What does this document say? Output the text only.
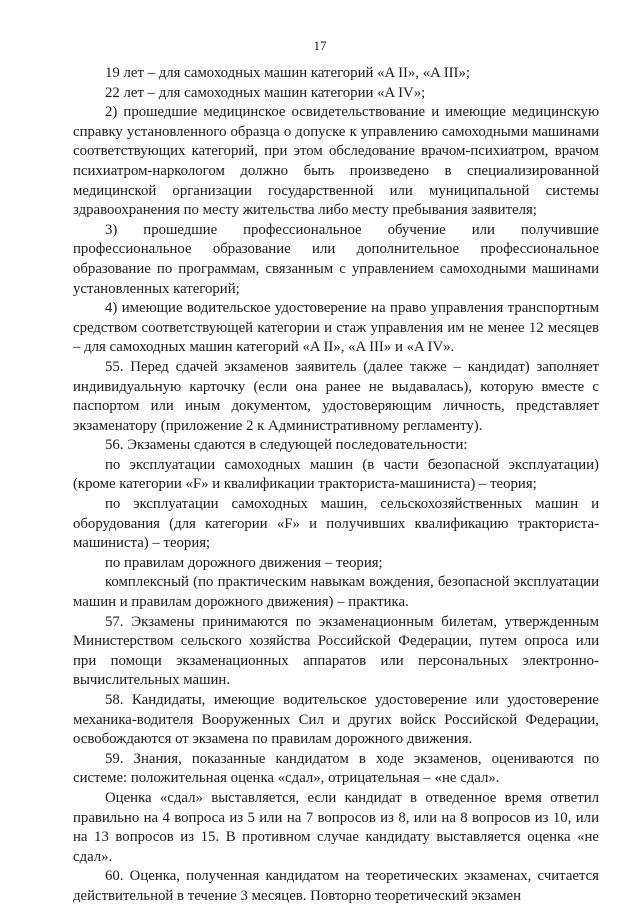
17

19 лет – для самоходных машин категорий «A II», «A III»;

22 лет – для самоходных машин категории «A IV»;

2) прошедшие медицинское освидетельствование и имеющие медицинскую справку установленного образца о допуске к управлению самоходными машинами соответствующих категорий, при этом обследование врачом-психиатром, врачом психиатром-наркологом должно быть произведено в специализированной медицинской организации государственной или муниципальной системы здравоохранения по месту жительства либо месту пребывания заявителя;

3) прошедшие профессиональное обучение или получившие профессиональное образование или дополнительное профессиональное образование по программам, связанным с управлением самоходными машинами установленных категорий;

4) имеющие водительское удостоверение на право управления транспортным средством соответствующей категории и стаж управления им не менее 12 месяцев – для самоходных машин категорий «A II», «A III» и «A IV».

55. Перед сдачей экзаменов заявитель (далее также – кандидат) заполняет индивидуальную карточку (если она ранее не выдавалась), которую вместе с паспортом или иным документом, удостоверяющим личность, представляет экзаменатору (приложение 2 к Административному регламенту).

56. Экзамены сдаются в следующей последовательности:

по эксплуатации самоходных машин (в части безопасной эксплуатации) (кроме категории «F» и квалификации тракториста-машиниста) – теория;

по эксплуатации самоходных машин, сельскохозяйственных машин и оборудования (для категории «F» и получивших квалификацию тракториста-машиниста) – теория;

по правилам дорожного движения – теория;

комплексный (по практическим навыкам вождения, безопасной эксплуатации машин и правилам дорожного движения) – практика.

57. Экзамены принимаются по экзаменационным билетам, утвержденным Министерством сельского хозяйства Российской Федерации, путем опроса или при помощи экзаменационных аппаратов или персональных электронно-вычислительных машин.

58. Кандидаты, имеющие водительское удостоверение или удостоверение механика-водителя Вооруженных Сил и других войск Российской Федерации, освобождаются от экзамена по правилам дорожного движения.

59. Знания, показанные кандидатом в ходе экзаменов, оцениваются по системе: положительная оценка «сдал», отрицательная – «не сдал».

Оценка «сдал» выставляется, если кандидат в отведенное время ответил правильно на 4 вопроса из 5 или на 7 вопросов из 8, или на 8 вопросов из 10, или на 13 вопросов из 15. В противном случае кандидату выставляется оценка «не сдал».

60. Оценка, полученная кандидатом на теоретических экзаменах, считается действительной в течение 3 месяцев. Повторно теоретический экзамен
